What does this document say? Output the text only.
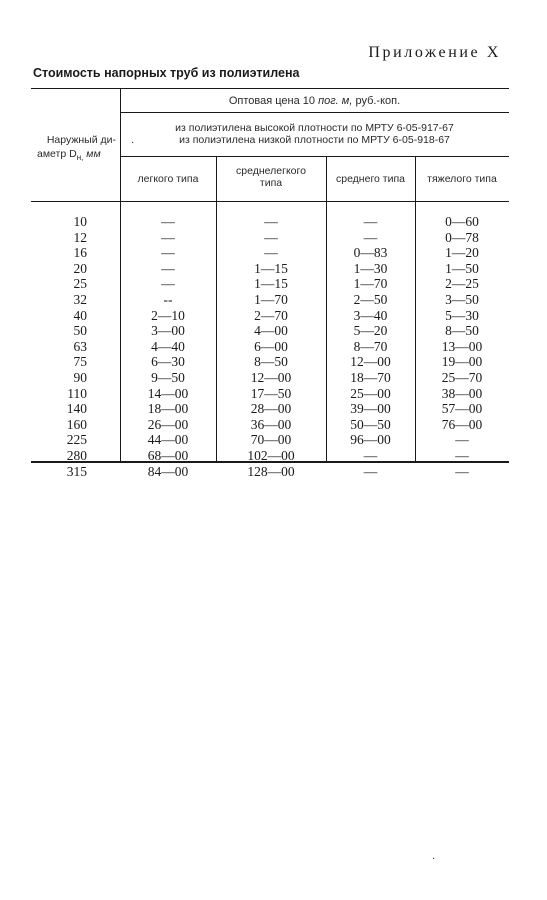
Приложение X
Стоимость напорных труб из полиэтилена
Наружный ди-
аметр $D_{н,}$ мм
Оптовая цена 10 пог. м, руб.-коп.
из полиэтилена высокой плотности по МРТУ 6-05-917-67
из полиэтилена низкой плотности по МРТУ 6-05-918-67
·
легкого типа
среднелегкого
типа	среднего типа	тяжелого типа
10
12
16
20
25
32
40
50
63
75
90
110
140
160
225
280
315
—
—
—
—
—
--
2—10
3—00
4—40
6—30
9—50
14—00
18—00
26—00
44—00
68—00
84—00
—
—
—
1—15
1—15
1—70
2—70
4—00
6—00
8—50
12—00
17—50
28—00
36—00
70—00
102—00
128—00
—
—
0—83
1—30
1—70
2—50
3—40
5—20
8—70
12—00
18—70
25—00
39—00
50—50
96—00
—
—
0—60
0—78
1—20
1—50
2—25
3—50
5—30
8—50
13—00
19—00
25—70
38—00
57—00
76—00
—
—
—
·
